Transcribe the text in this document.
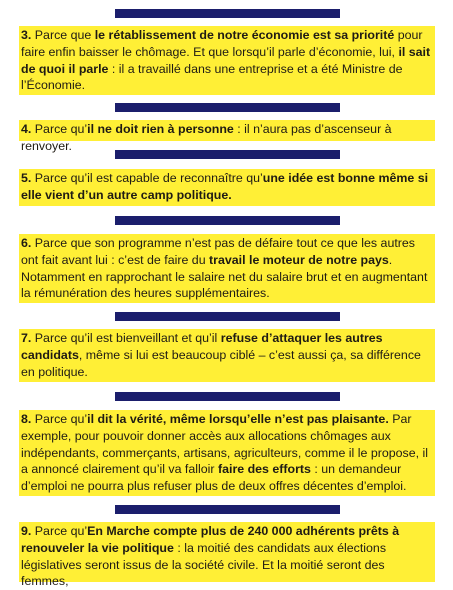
3. Parce que le rétablissement de notre économie est sa priorité pour faire enfin baisser le chômage. Et que lorsqu’il parle d’économie, lui, il sait de quoi il parle : il a travaillé dans une entreprise et a été Ministre de l’Économie.

4. Parce qu’il ne doit rien à personne : il n’aura pas d’ascenseur à renvoyer.

5. Parce qu’il est capable de reconnaître qu’une idée est bonne même si elle vient d’un autre camp politique.

6. Parce que son programme n’est pas de défaire tout ce que les autres ont fait avant lui : c’est de faire du travail le moteur de notre pays. Notamment en rapprochant le salaire net du salaire brut et en augmentant la rémunération des heures supplémentaires.

7. Parce qu’il est bienveillant et qu’il refuse d’attaquer les autres candidats, même si lui est beaucoup ciblé – c’est aussi ça, sa différence en politique.

8. Parce qu’il dit la vérité, même lorsqu’elle n’est pas plaisante. Par exemple, pour pouvoir donner accès aux allocations chômages aux indépendants, commerçants, artisans, agriculteurs, comme il le propose, il a annoncé clairement qu’il va falloir faire des efforts : un demandeur d’emploi ne pourra plus refuser plus de deux offres décentes d’emploi.

9. Parce qu’En Marche compte plus de 240 000 adhérents prêts à renouveler la vie politique : la moitié des candidats aux élections législatives seront issus de la société civile. Et la moitié seront des femmes,
